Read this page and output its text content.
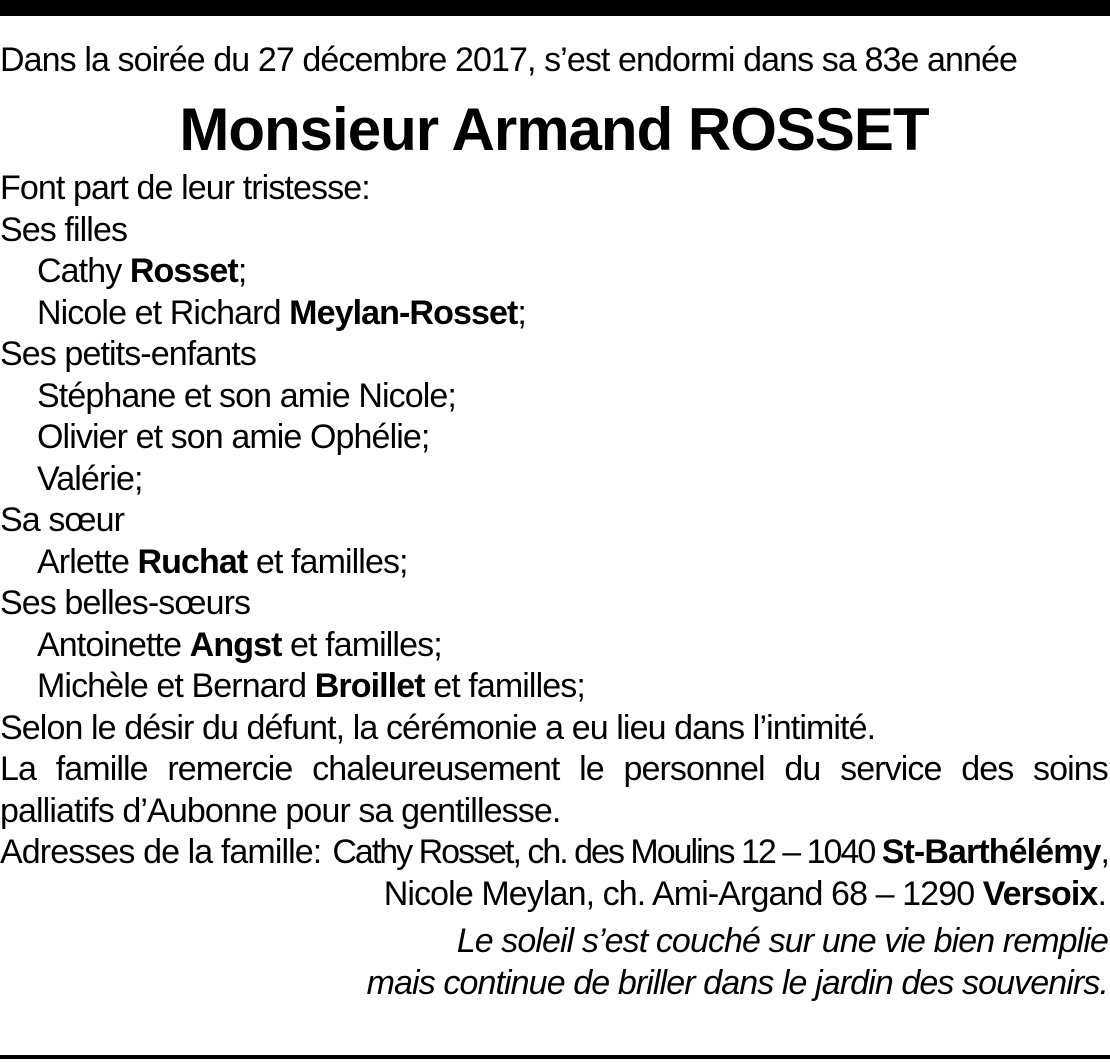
Dans la soirée du 27 décembre 2017, s’est endormi dans sa 83e année
Monsieur Armand ROSSET
Font part de leur tristesse:
Ses filles
Cathy Rosset;
Nicole et Richard Meylan-Rosset;
Ses petits-enfants
Stéphane et son amie Nicole;
Olivier et son amie Ophélie;
Valérie;
Sa sœur
Arlette Ruchat et familles;
Ses belles-sœurs
Antoinette Angst et familles;
Michèle et Bernard Broillet et familles;
Selon le désir du défunt, la cérémonie a eu lieu dans l’intimité.
La famille remercie chaleureusement le personnel du service des soins
palliatifs d’Aubonne pour sa gentillesse.
Adresses de la famille: Cathy Rosset, ch. des Moulins 12 – 1040 St-Barthélémy,
Nicole Meylan, ch. Ami-Argand 68 – 1290 Versoix.
Le soleil s’est couché sur une vie bien remplie
mais continue de briller dans le jardin des souvenirs.
